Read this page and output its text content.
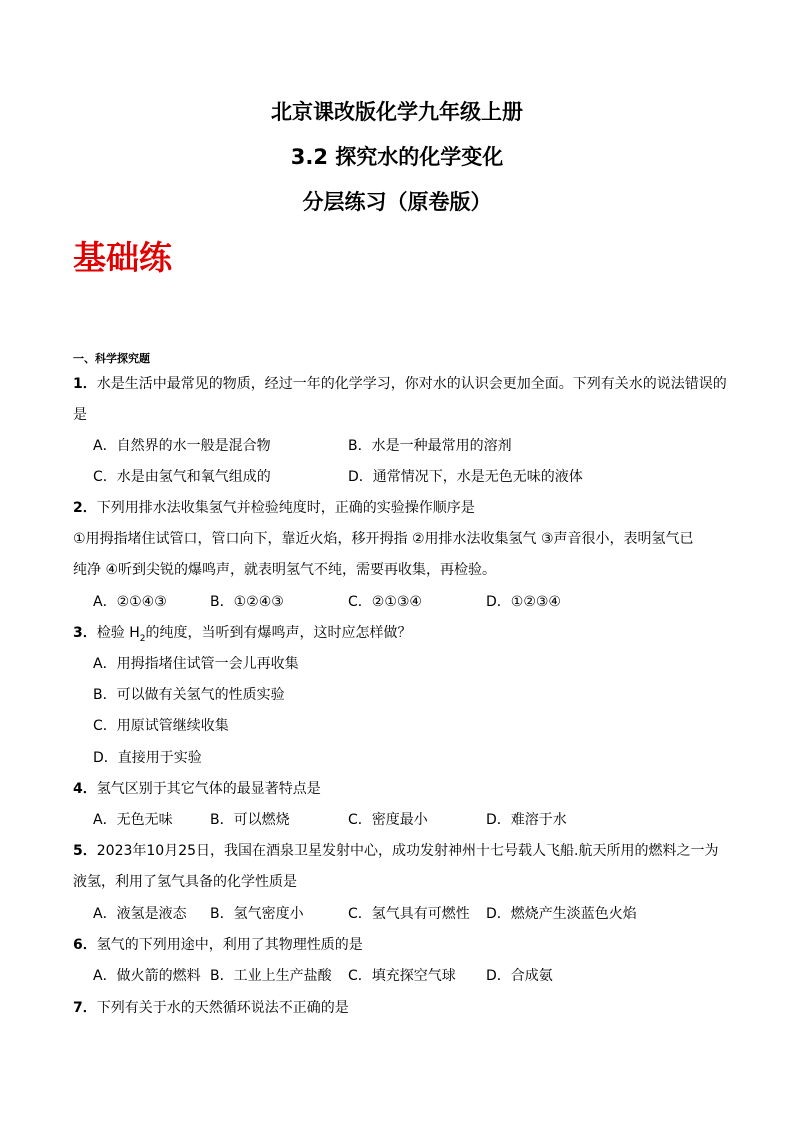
北京课改版化学九年级上册
3.2 探究水的化学变化
分层练习（原卷版）
基础练
一、科学探究题
1．水是生活中最常见的物质，经过一年的化学学习，你对水的认识会更加全面。下列有关水的说法错误的
是
A．自然界的水一般是混合物	B．水是一种最常用的溶剂
C．水是由氢气和氧气组成的	D．通常情况下，水是无色无味的液体
2．下列用排水法收集氢气并检验纯度时，正确的实验操作顺序是
①用拇指堵住试管口，管口向下，靠近火焰，移开拇指 ②用排水法收集氢气 ③声音很小，表明氢气已
纯净 ④听到尖锐的爆鸣声，就表明氢气不纯，需要再收集，再检验。
A．②①④③	B．①②④③	C．②①③④	D．①②③④
3．检验 $H_2$的纯度，当听到有爆鸣声，这时应怎样做？
A．用拇指堵住试管一会儿再收集
B．可以做有关氢气的性质实验
C．用原试管继续收集
D．直接用于实验
4．氢气区别于其它气体的最显著特点是
A．无色无味	B．可以燃烧	C．密度最小	D．难溶于水
5．2023年10月25日，我国在酒泉卫星发射中心，成功发射神州十七号载人飞船.航天所用的燃料之一为
液氢，利用了氢气具备的化学性质是
A．液氢是液态 B．氢气密度小	C．氢气具有可燃性 D．燃烧产生淡蓝色火焰
6．氢气的下列用途中，利用了其物理性质的是
A．做火箭的燃料 B．工业上生产盐酸 C．填充探空气球 D．合成氨
7．下列有关于水的天然循环说法不正确的是
